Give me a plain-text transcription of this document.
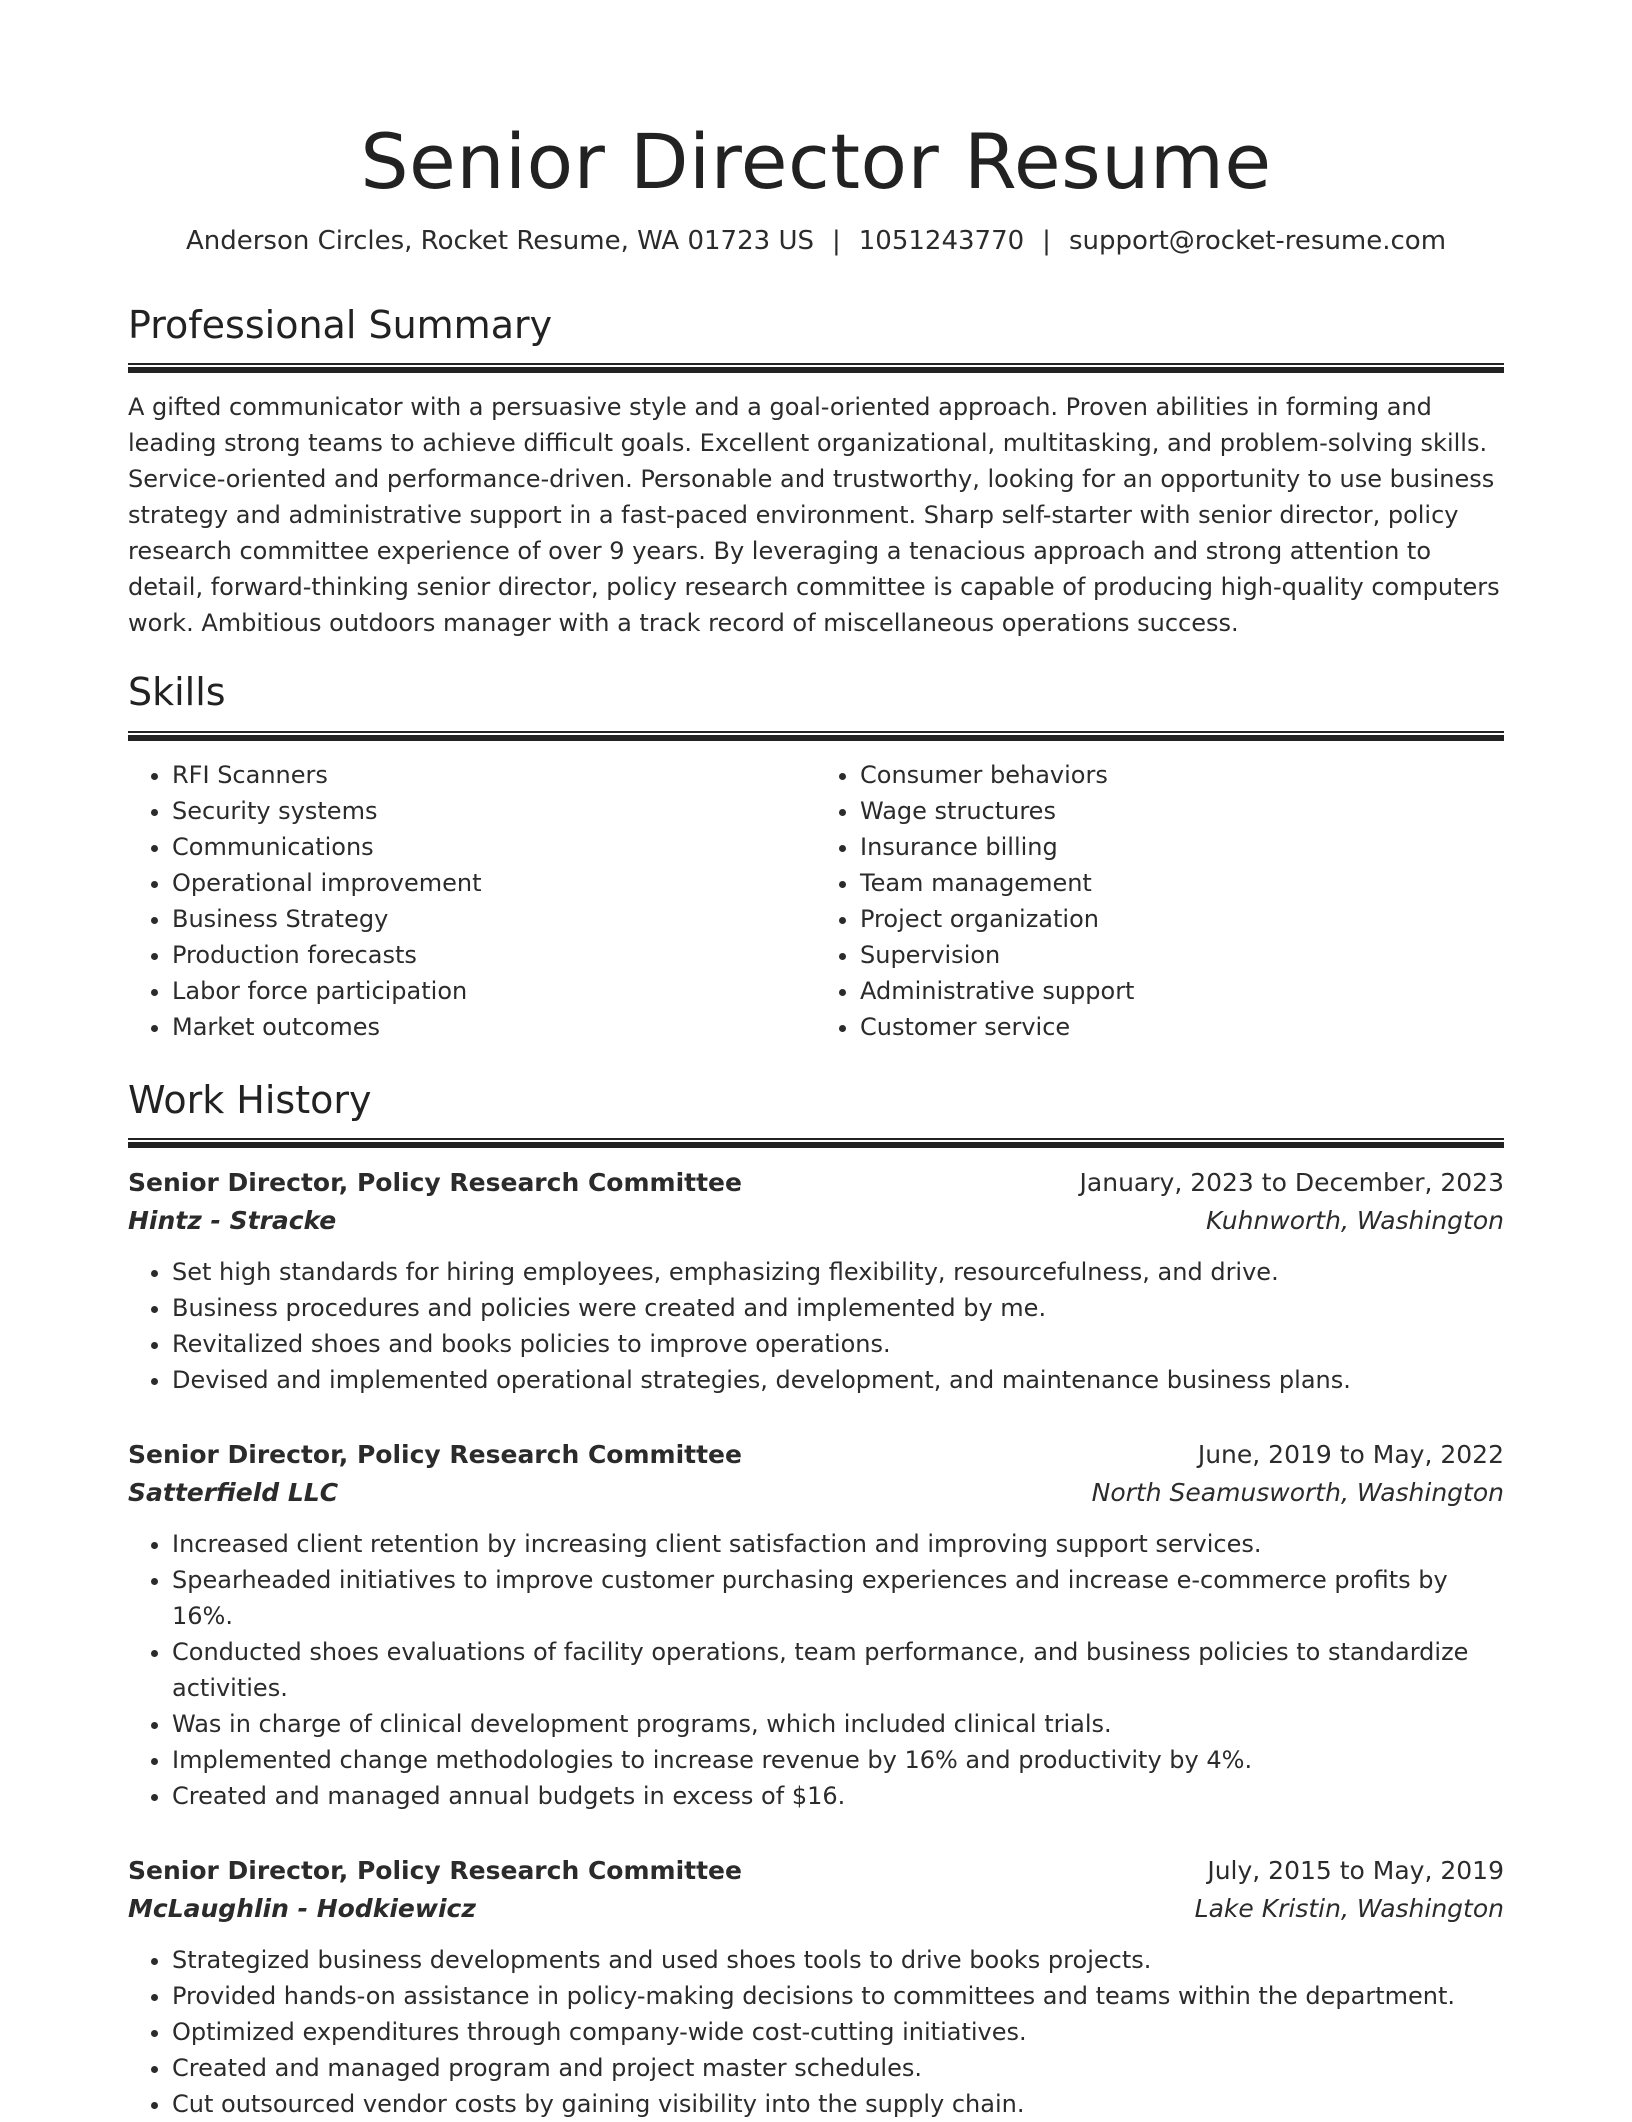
Senior Director Resume
Anderson Circles, Rocket Resume, WA 01723 US | 1051243770 | support@rocket-resume.com
Professional Summary

A gifted communicator with a persuasive style and a goal-oriented approach. Proven abilities in forming and leading strong teams to achieve difficult goals. Excellent organizational, multitasking, and problem-solving skills. Service-oriented and performance-driven. Personable and trustworthy, looking for an opportunity to use business strategy and administrative support in a fast-paced environment. Sharp self-starter with senior director, policy research committee experience of over 9 years. By leveraging a tenacious approach and strong attention to detail, forward-thinking senior director, policy research committee is capable of producing high-quality computers work. Ambitious outdoors manager with a track record of miscellaneous operations success.

Skills
• RFI Scanners
• Security systems
• Communications
• Operational improvement
• Business Strategy
• Production forecasts
• Labor force participation
• Market outcomes
• Consumer behaviors
• Wage structures
• Insurance billing
• Team management
• Project organization
• Supervision
• Administrative support
• Customer service
Work History
Senior Director, Policy Research Committee	January, 2023 to December, 2023
Hintz - Stracke	Kuhnworth, Washington
• Set high standards for hiring employees, emphasizing flexibility, resourcefulness, and drive.
• Business procedures and policies were created and implemented by me.
• Revitalized shoes and books policies to improve operations.
• Devised and implemented operational strategies, development, and maintenance business plans.
Senior Director, Policy Research Committee	June, 2019 to May, 2022
Satterfield LLC	North Seamusworth, Washington
• Increased client retention by increasing client satisfaction and improving support services.
• Spearheaded initiatives to improve customer purchasing experiences and increase e-commerce profits by 16%.
• Conducted shoes evaluations of facility operations, team performance, and business policies to standardize activities.
• Was in charge of clinical development programs, which included clinical trials.
• Implemented change methodologies to increase revenue by 16% and productivity by 4%.
• Created and managed annual budgets in excess of $16.
Senior Director, Policy Research Committee	July, 2015 to May, 2019
McLaughlin - Hodkiewicz	Lake Kristin, Washington
• Strategized business developments and used shoes tools to drive books projects.
• Provided hands-on assistance in policy-making decisions to committees and teams within the department.
• Optimized expenditures through company-wide cost-cutting initiatives.
• Created and managed program and project master schedules.
• Cut outsourced vendor costs by gaining visibility into the supply chain.
